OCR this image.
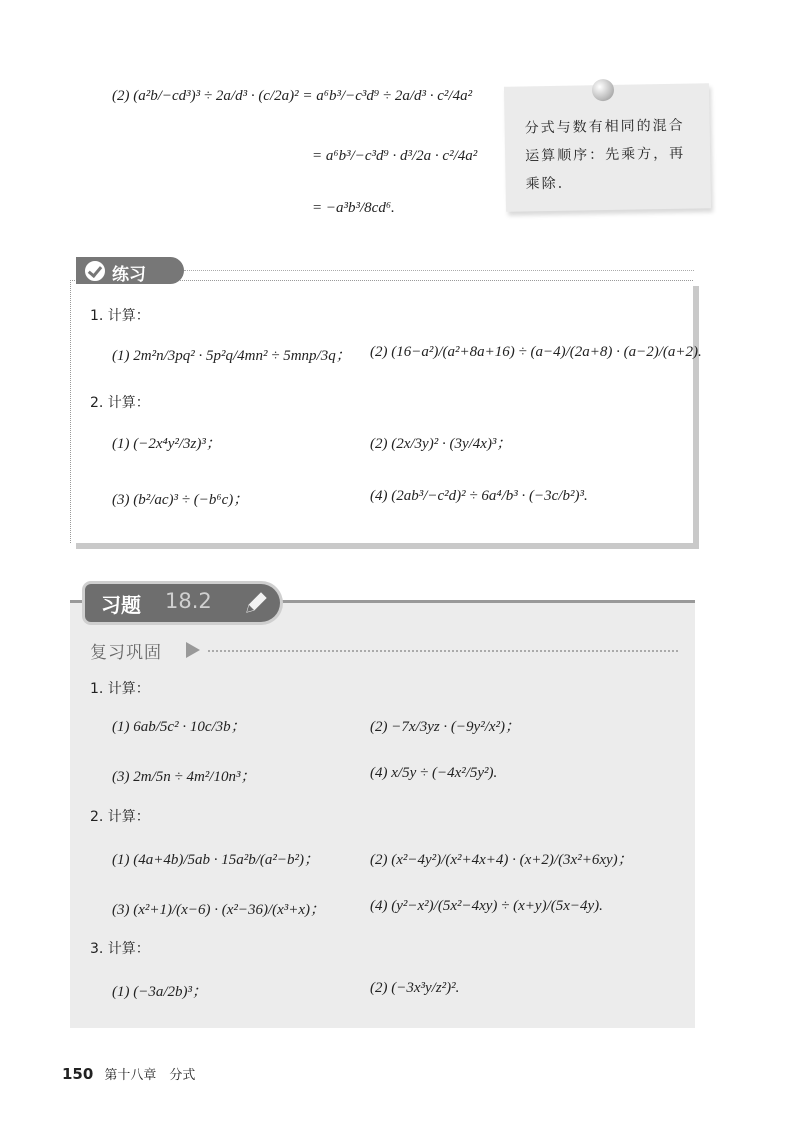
(2) (a²b/−cd³)³ ÷ 2a/d³ · (c/2a)² = a⁶b³/−c³d⁹ ÷ 2a/d³ · c²/4a²
= a⁶b³/−c³d⁹ · d³/2a · c²/4a²
= −a³b³/8cd⁶.
分式与数有相同的混合运算顺序：先乘方，再乘除.
练习
1. 计算：
(1) 2m²n/3pq² · 5p²q/4mn² ÷ 5mnp/3q； (2) (16−a²)/(a²+8a+16) ÷ (a−4)/(2a+8) · (a−2)/(a+2).
2. 计算：
(1) (−2x⁴y²/3z)³；	(2) (2x/3y)² · (3y/4x)³；
(3) (b²/ac)³ ÷ (−b⁶c)；	(4) (2ab³/−c²d)² ÷ 6a⁴/b³ · (−3c/b²)³.
习题 18.2
复习巩固
1. 计算：
(1) 6ab/5c² · 10c/3b；	(2) −7x/3yz · (−9y²/x²)；
(3) 2m/5n ÷ 4m²/10n³；	(4) x/5y ÷ (−4x²/5y²).
2. 计算：
(1) (4a+4b)/5ab · 15a²b/(a²−b²)；	(2) (x²−4y²)/(x²+4x+4) · (x+2)/(3x²+6xy)；
(3) (x²+1)/(x−6) · (x²−36)/(x³+x)；	(4) (y²−x²)/(5x²−4xy) ÷ (x+y)/(5x−4y).
3. 计算：
(1) (−3a/2b)³；	(2) (−3x³y/z²)².
150 第十八章　分式
